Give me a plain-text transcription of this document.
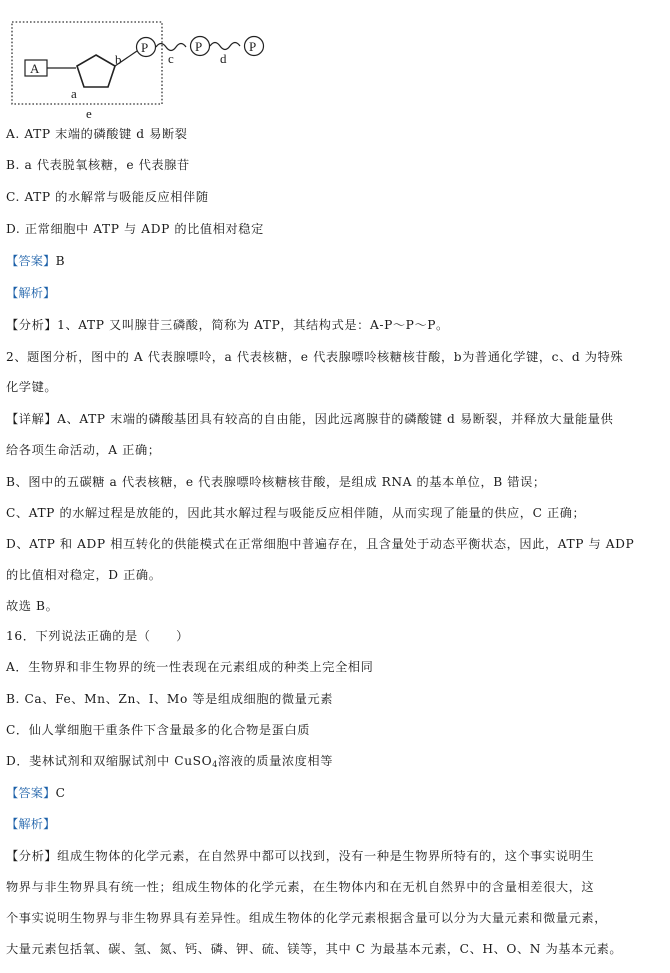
A
P	P	P
a
b	c	d
e
A. ATP 末端的磷酸键 d 易断裂
B. a 代表脱氧核糖，e 代表腺苷
C. ATP 的水解常与吸能反应相伴随
D. 正常细胞中 ATP 与 ADP 的比值相对稳定
【答案】B
【解析】
【分析】1、ATP 又叫腺苷三磷酸，简称为 ATP，其结构式是：A-P～P～P。
2、题图分析，图中的 A 代表腺嘌呤，a 代表核糖，e 代表腺嘌呤核糖核苷酸，b为普通化学键，c、d 为特殊
化学键。
【详解】A、ATP 末端的磷酸基团具有较高的自由能，因此远离腺苷的磷酸键 d 易断裂，并释放大量能量供
给各项生命活动，A 正确；
B、图中的五碳糖 a 代表核糖，e 代表腺嘌呤核糖核苷酸，是组成 RNA 的基本单位，B 错误；
C、ATP 的水解过程是放能的，因此其水解过程与吸能反应相伴随，从而实现了能量的供应，C 正确；
D、ATP 和 ADP 相互转化的供能模式在正常细胞中普遍存在，且含量处于动态平衡状态，因此，ATP 与 ADP
的比值相对稳定，D 正确。
故选 B。
16．下列说法正确的是（　　）
A．生物界和非生物界的统一性表现在元素组成的种类上完全相同
B. Ca、Fe、Mn、Zn、I、Mo 等是组成细胞的微量元素
C．仙人掌细胞干重条件下含量最多的化合物是蛋白质
D．斐林试剂和双缩脲试剂中 CuSO$_4$溶液的质量浓度相等
【答案】C
【解析】
【分析】组成生物体的化学元素，在自然界中都可以找到，没有一种是生物界所特有的，这个事实说明生
物界与非生物界具有统一性；组成生物体的化学元素，在生物体内和在无机自然界中的含量相差很大，这
个事实说明生物界与非生物界具有差异性。组成生物体的化学元素根据含量可以分为大量元素和微量元素，
大量元素包括氧、碳、氢、氮、钙、磷、钾、硫、镁等，其中 C 为最基本元素，C、H、O、N 为基本元素。
